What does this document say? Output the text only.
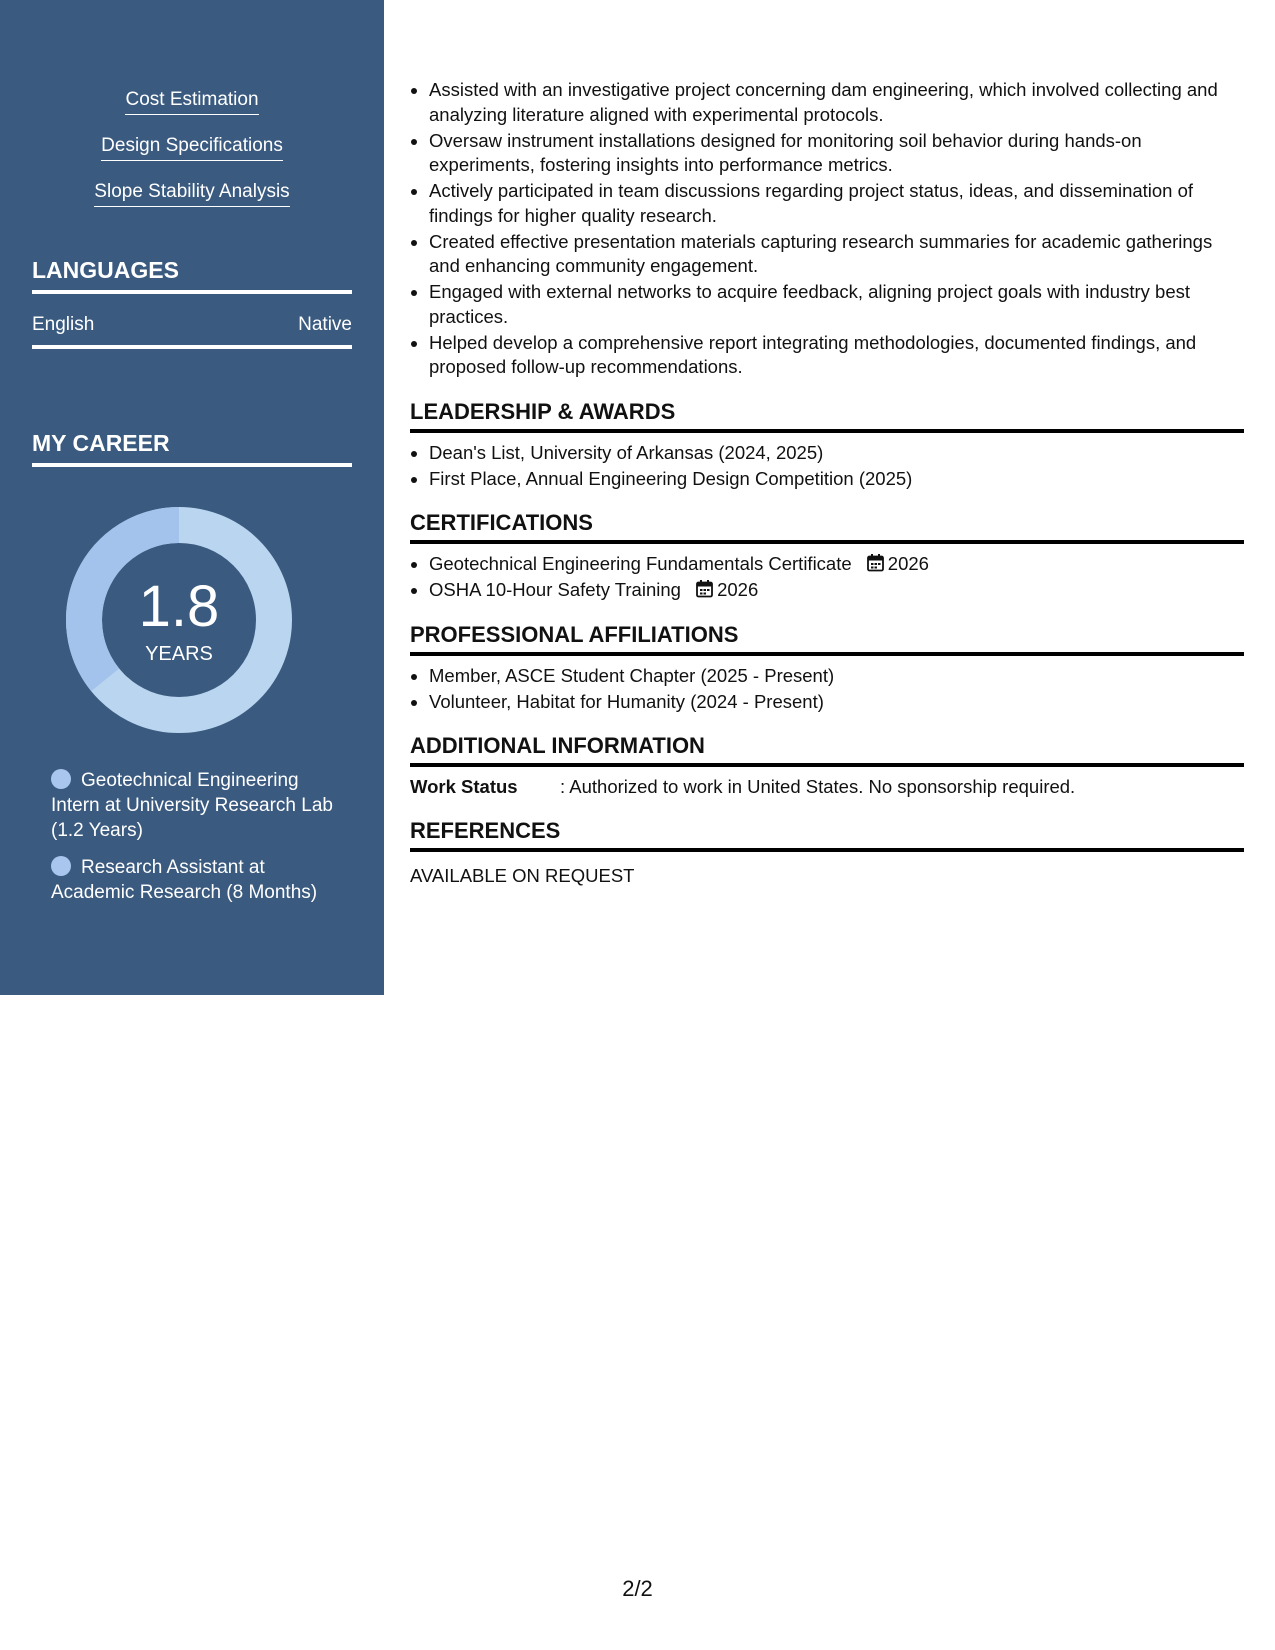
Cost Estimation
Design Specifications
Slope Stability Analysis
LANGUAGES
English	Native
MY CAREER
1.8
YEARS
Geotechnical Engineering Intern at University Research Lab (1.2 Years)
Research Assistant at Academic Research (8 Months)
• Assisted with an investigative project concerning dam engineering, which involved collecting and analyzing literature aligned with experimental protocols.
• Oversaw instrument installations designed for monitoring soil behavior during hands-on experiments, fostering insights into performance metrics.
• Actively participated in team discussions regarding project status, ideas, and dissemination of findings for higher quality research.
• Created effective presentation materials capturing research summaries for academic gatherings and enhancing community engagement.
• Engaged with external networks to acquire feedback, aligning project goals with industry best practices.
• Helped develop a comprehensive report integrating methodologies, documented findings, and proposed follow-up recommendations.
LEADERSHIP & AWARDS
• Dean's List, University of Arkansas (2024, 2025)
• First Place, Annual Engineering Design Competition (2025)
CERTIFICATIONS
• Geotechnical Engineering Fundamentals Certificate 2026
• OSHA 10-Hour Safety Training 2026
PROFESSIONAL AFFILIATIONS
• Member, ASCE Student Chapter (2025 - Present)
• Volunteer, Habitat for Humanity (2024 - Present)
ADDITIONAL INFORMATION
Work Status	: Authorized to work in United States. No sponsorship required.
REFERENCES
AVAILABLE ON REQUEST
2/2
